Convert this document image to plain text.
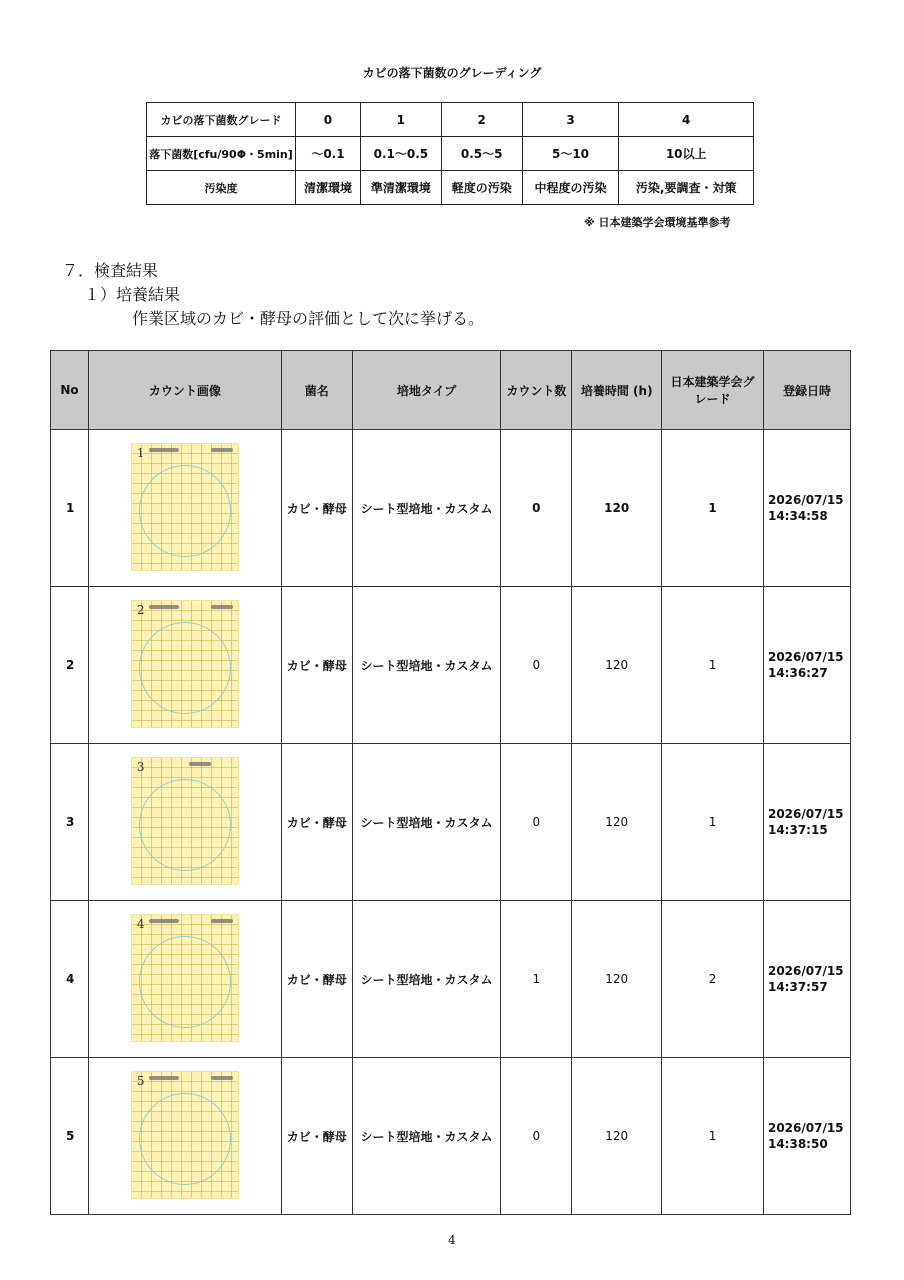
カビの落下菌数のグレーディング
カビの落下菌数グレード	0	1	2	3	4
落下菌数[cfu/90Φ・5min]	～0.1	0.1～0.5	0.5～5	5～10	10以上
汚染度	清潔環境	準清潔環境	軽度の汚染	中程度の汚染	汚染,要調査・対策
※ 日本建築学会環境基準参考
７．検査結果
１）培養結果
作業区域のカビ・酵母の評価として次に挙げる。
No	カウント画像	菌名	培地タイプ	カウント数	培養時間 (h)	日本建築学会グレード	登録日時
1	1	カビ・酵母	シート型培地・カスタム	0	120	1	2026/07/15
14:34:58
2	2	カビ・酵母	シート型培地・カスタム	0	120	1	2026/07/15
14:36:27
3	3	カビ・酵母	シート型培地・カスタム	0	120	1	2026/07/15
14:37:15
4	4	カビ・酵母	シート型培地・カスタム	1	120	2	2026/07/15
14:37:57
5	5	カビ・酵母	シート型培地・カスタム	0	120	1	2026/07/15
14:38:50
4
